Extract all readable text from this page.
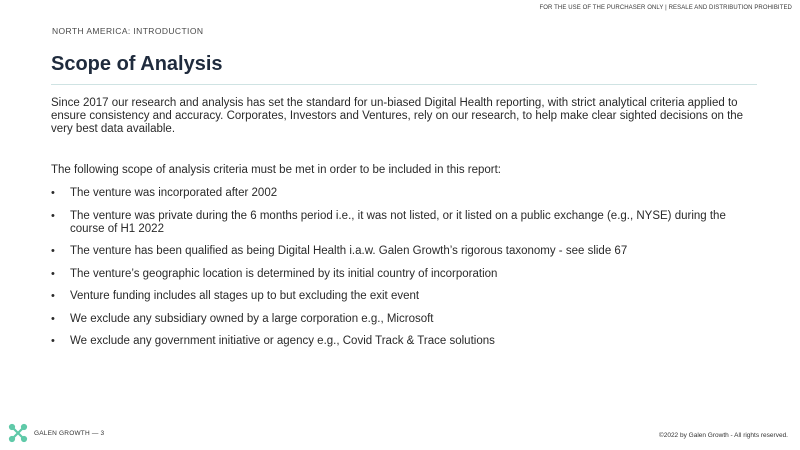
FOR THE USE OF THE PURCHASER ONLY | RESALE AND DISTRIBUTION PROHIBITED
NORTH AMERICA: INTRODUCTION
Scope of Analysis

Since 2017 our research and analysis has set the standard for un-biased Digital Health reporting, with strict analytical criteria applied to ensure consistency and accuracy. Corporates, Investors and Ventures, rely on our research, to help make clear sighted decisions on the very best data available.

The following scope of analysis criteria must be met in order to be included in this report:

• The venture was incorporated after 2002
• The venture was private during the 6 months period i.e., it was not listed, or it listed on a public exchange (e.g., NYSE) during the course of H1 2022
• The venture has been qualified as being Digital Health i.a.w. Galen Growth’s rigorous taxonomy - see slide 67
• The venture’s geographic location is determined by its initial country of incorporation
• Venture funding includes all stages up to but excluding the exit event
• We exclude any subsidiary owned by a large corporation e.g., Microsoft
• We exclude any government initiative or agency e.g., Covid Track & Trace solutions
GALEN GROWTH — 3	©2022 by Galen Growth - All rights reserved.
